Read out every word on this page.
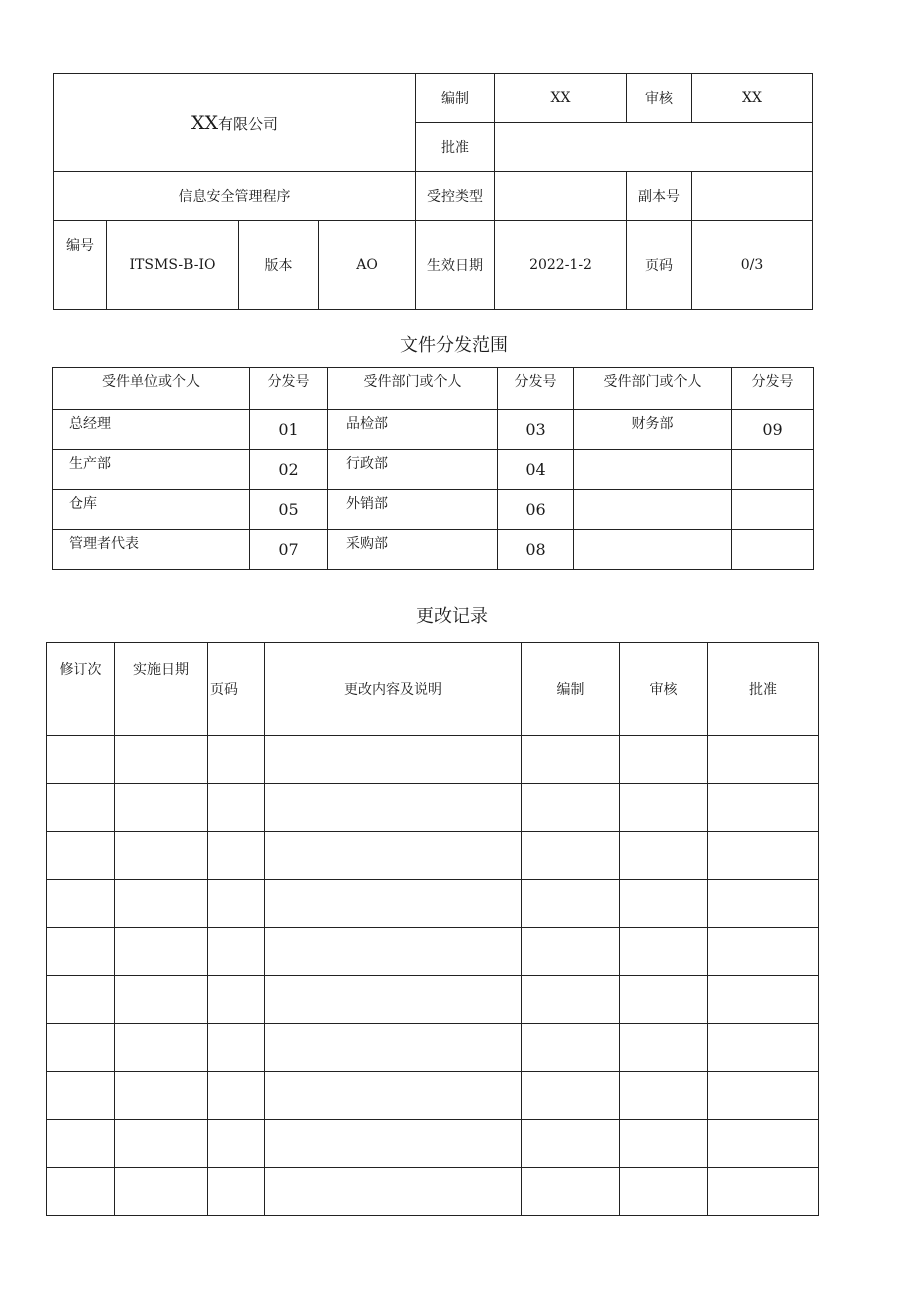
XX有限公司				编制	XX	审核	XX
				批准			
信息安全管理程序				受控类型		副本号	
编号	ITSMS-B-IO	版本	AO	生效日期	2022-1-2	页码	0/3
文件分发范围
受件单位或个人	分发号	受件部门或个人	分发号	受件部门或个人	分发号
总经理	01	品检部	03	财务部	09
生产部	02	行政部	04		
仓库	05	外销部	06		
管理者代表	07	采购部	08		
更改记录
修订次	实施日期	页码	更改内容及说明	编制	审核	批准
